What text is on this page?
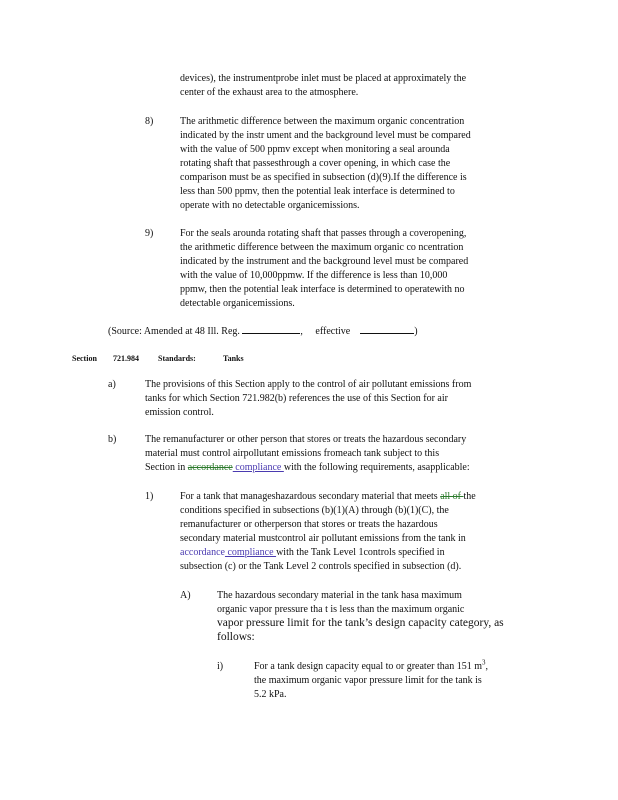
devices), the instrumentprobe inlet must be placed at approximately the
center of the exhaust area to the atmosphere.
8)	The arithmetic difference between the maximum organic concentration
indicated by the instr ument and the background level must be compared
with the value of 500 ppmv except when monitoring a seal arounda
rotating shaft that passesthrough a cover opening, in which case the
comparison must be as specified in subsection (d)(9).If the difference is
less than 500 ppmv, then the potential leak interface is determined to
operate with no detectable organicemissions.
9)	For the seals arounda rotating shaft that passes through a coveropening,
the arithmetic difference between the maximum organic co ncentration
indicated by the instrument and the background level must be compared
with the value of 10,000ppmw. If the difference is less than 10,000
ppmw, then the potential leak interface is determined to operatewith no
detectable organicemissions.
(Source: Amended at 48 Ill. Reg.	, effective	)
Section 721.984 Standards:	Tanks
a)	The provisions of this Section apply to the control of air pollutant emissions from
tanks for which Section 721.982(b) references the use of this Section for air
emission control.
b)	The remanufacturer or other person that stores or treats the hazardous secondary
material must control airpollutant emissions fromeach tank subject to this
Section in accordance compliance with the following requirements, asapplicable:
1)	For a tank that manageshazardous secondary material that meets all of the
conditions specified in subsections (b)(1)(A) through (b)(1)(C), the
remanufacturer or otherperson that stores or treats the hazardous
secondary material mustcontrol air pollutant emissions from the tank in
accordance compliance with the Tank Level 1controls specified in
subsection (c) or the Tank Level 2 controls specified in subsection (d).
A)	The hazardous secondary material in the tank hasa maximum
organic vapor pressure tha t is less than the maximum organic
vapor pressure limit for the tank’s design capacity category, as
follows:
i)	For a tank design capacity equal to or greater than 151 $m^3$,
the maximum organic vapor pressure limit for the tank is
5.2 kPa.
